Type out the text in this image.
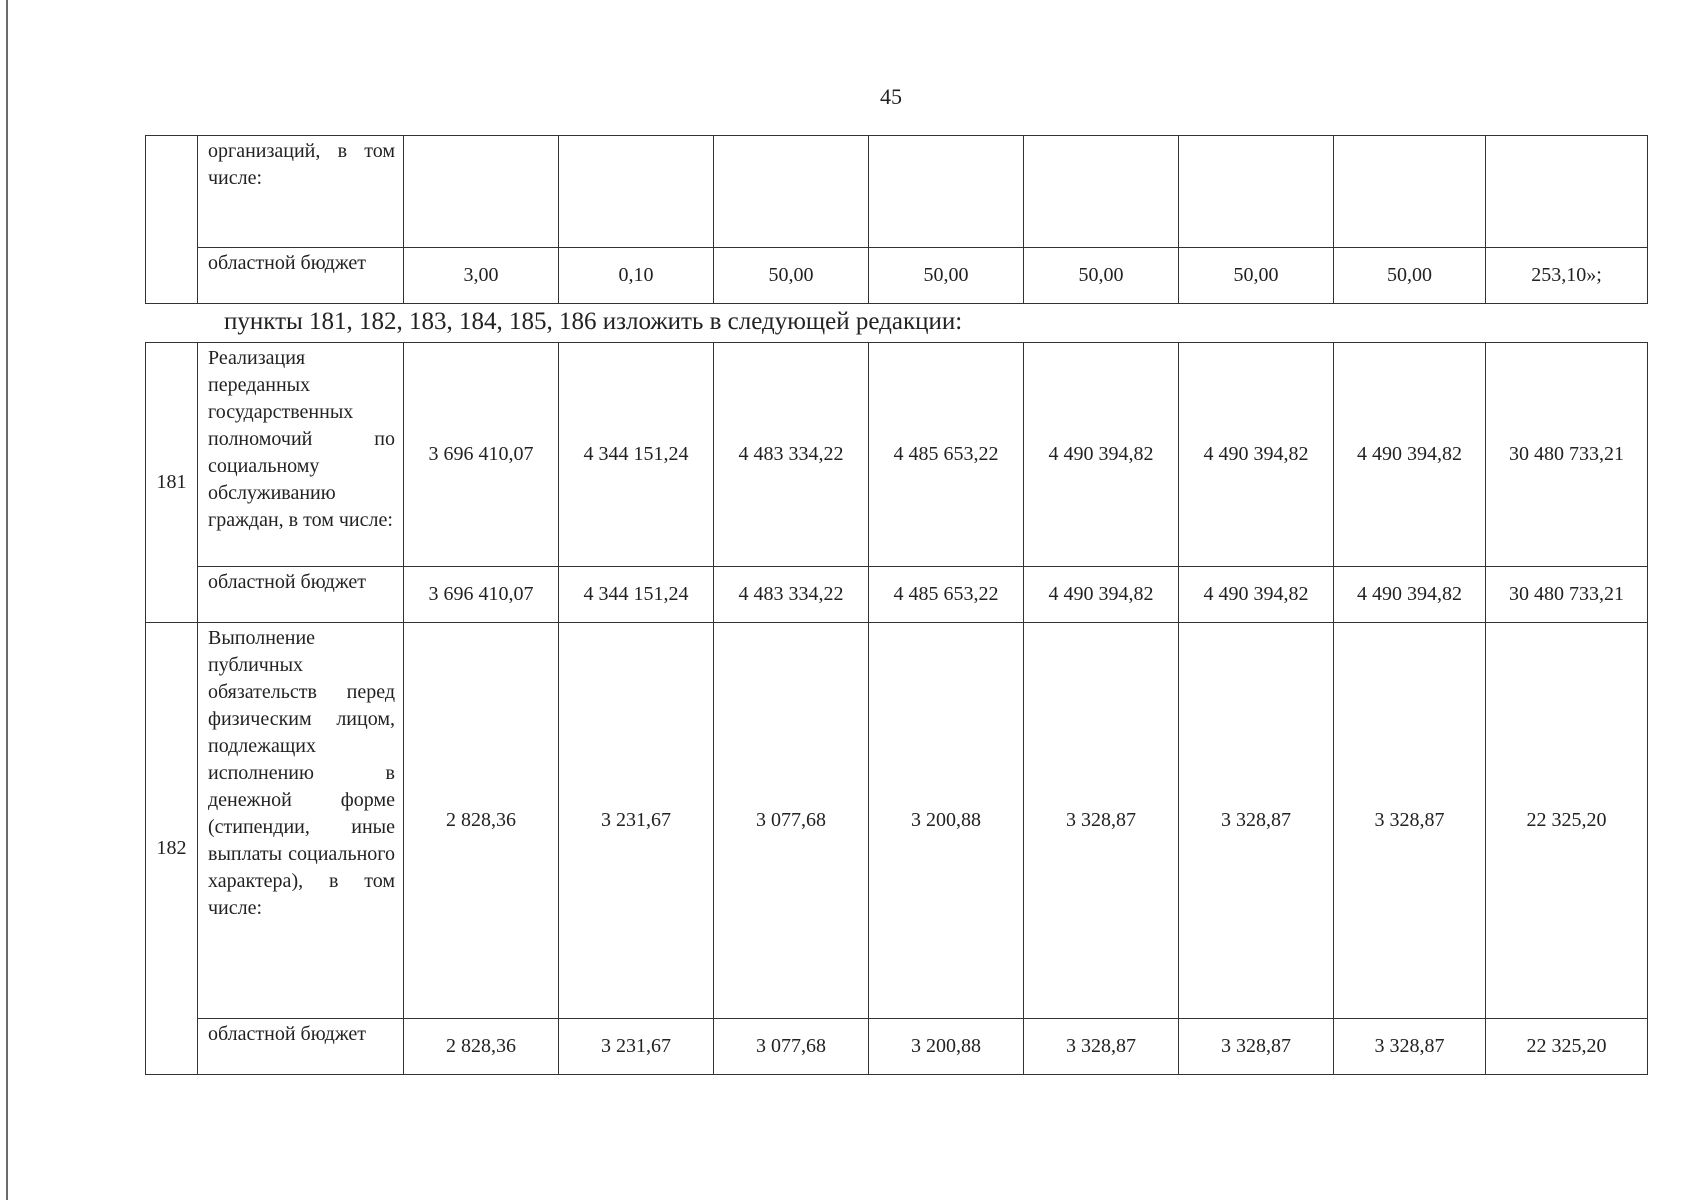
45
	организаций, в том числе:								
	областной бюджет	3,00	0,10	50,00	50,00	50,00	50,00	50,00	253,10»;
пункты 181, 182, 183, 184, 185, 186 изложить в следующей редакции:
181	Реализация переданных государственных полномочий по социальному обслуживанию граждан, в том числе:	3 696 410,07	4 344 151,24	4 483 334,22	4 485 653,22	4 490 394,82	4 490 394,82	4 490 394,82	30 480 733,21
	областной бюджет	3 696 410,07	4 344 151,24	4 483 334,22	4 485 653,22	4 490 394,82	4 490 394,82	4 490 394,82	30 480 733,21
182	Выполнение публичных обязательств перед физическим лицом, подлежащих исполнению в денежной форме (стипендии, иные выплаты социального характера), в том числе:	2 828,36	3 231,67	3 077,68	3 200,88	3 328,87	3 328,87	3 328,87	22 325,20
	областной бюджет	2 828,36	3 231,67	3 077,68	3 200,88	3 328,87	3 328,87	3 328,87	22 325,20
